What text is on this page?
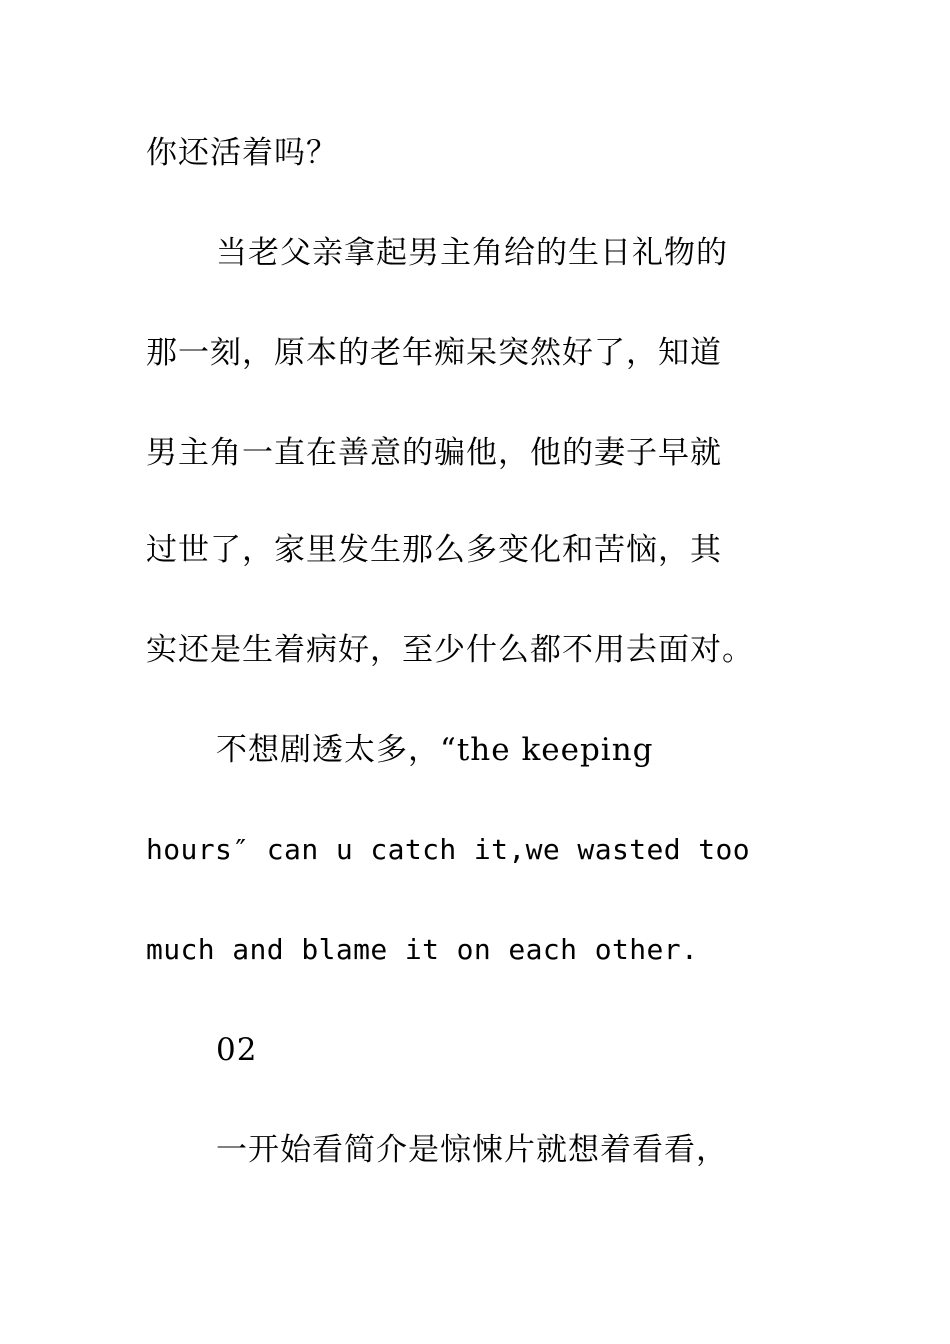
你还活着吗？
当老父亲拿起男主角给的生日礼物的
那一刻，原本的老年痴呆突然好了，知道
男主角一直在善意的骗他，他的妻子早就
过世了，家里发生那么多变化和苦恼，其
实还是生着病好，至少什么都不用去面对。
不想剧透太多，“the keeping
hours″ can u catch it,we wasted too
much and blame it on each other.
02
一开始看简介是惊悚片就想着看看，
